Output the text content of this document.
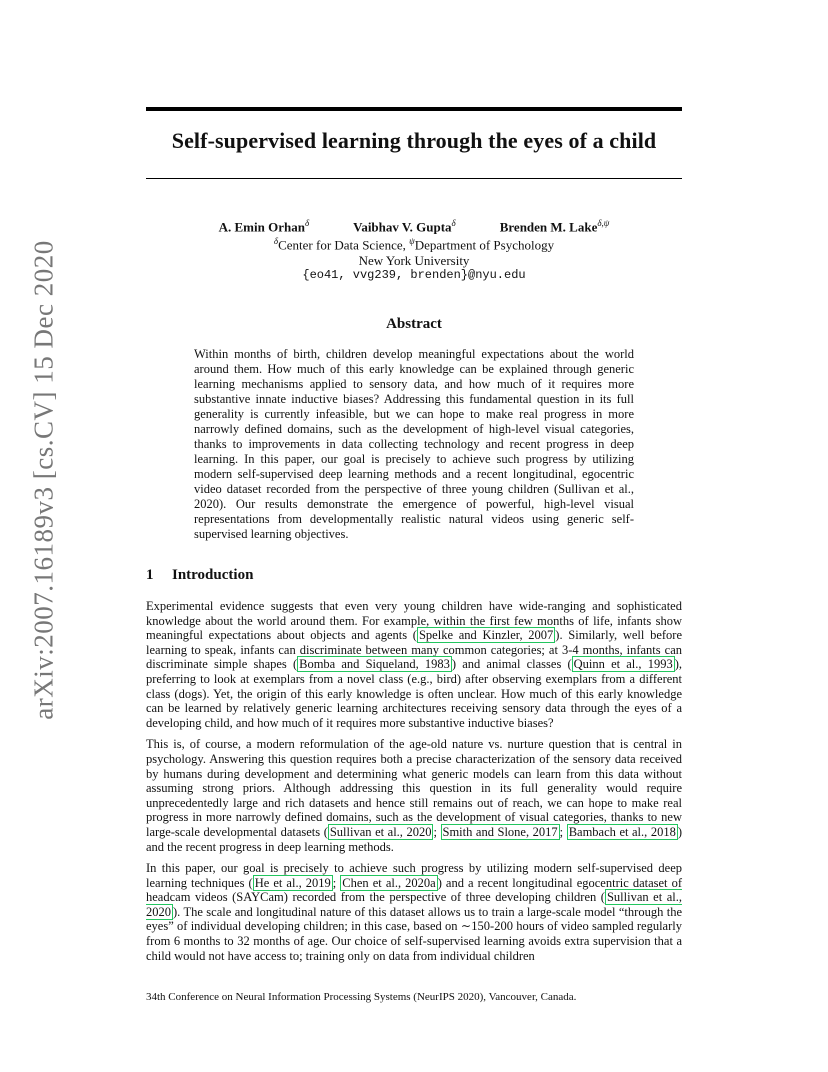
arXiv:2007.16189v3 [cs.CV] 15 Dec 2020
Self-supervised learning through the eyes of a child
A. Emin Orhan$^\delta$	Vaibhav V. Gupta$^\delta$	Brenden M. Lake$^{\delta,\psi}$
$^\delta$Center for Data Science, $^\psi$Department of Psychology
New York University
{eo41, vvg239, brenden}@nyu.edu
Abstract
Within months of birth, children develop meaningful expectations about the world around them. How much of this early knowledge can be explained through generic learning mechanisms applied to sensory data, and how much of it requires more substantive innate inductive biases? Addressing this fundamental question in its full generality is currently infeasible, but we can hope to make real progress in more narrowly defined domains, such as the development of high-level visual categories, thanks to improvements in data collecting technology and recent progress in deep learning. In this paper, our goal is precisely to achieve such progress by utilizing modern self-supervised deep learning methods and a recent longitudinal, egocentric video dataset recorded from the perspective of three young children (Sullivan et al., 2020). Our results demonstrate the emergence of powerful, high-level visual representations from developmentally realistic natural videos using generic self-supervised learning objectives.
1 Introduction

Experimental evidence suggests that even very young children have wide-ranging and sophisticated knowledge about the world around them. For example, within the first few months of life, infants show meaningful expectations about objects and agents ( Spelke and Kinzler, 2007 ). Similarly, well before learning to speak, infants can discriminate between many common categories; at 3-4 months, infants can discriminate simple shapes ( Bomba and Siqueland, 1983 ) and animal classes ( Quinn et al., 1993 ), preferring to look at exemplars from a novel class (e.g., bird) after observing exemplars from a different class (dogs). Yet, the origin of this early knowledge is often unclear. How much of this early knowledge can be learned by relatively generic learning architectures receiving sensory data through the eyes of a developing child, and how much of it requires more substantive inductive biases?

This is, of course, a modern reformulation of the age-old nature vs. nurture question that is central in psychology. Answering this question requires both a precise characterization of the sensory data received by humans during development and determining what generic models can learn from this data without assuming strong priors. Although addressing this question in its full generality would require unprecedentedly large and rich datasets and hence still remains out of reach, we can hope to make real progress in more narrowly defined domains, such as the development of visual categories, thanks to new large-scale developmental datasets ( Sullivan et al., 2020 ; Smith and Slone, 2017 ; Bambach et al., 2018 ) and the recent progress in deep learning methods.

In this paper, our goal is precisely to achieve such progress by utilizing modern self-supervised deep learning techniques ( He et al., 2019 ; Chen et al., 2020a ) and a recent longitudinal egocentric dataset of headcam videos (SAYCam) recorded from the perspective of three developing children ( Sullivan et al., 2020 ). The scale and longitudinal nature of this dataset allows us to train a large-scale model “through the eyes” of individual developing children; in this case, based on ∼150-200 hours of video sampled regularly from 6 months to 32 months of age. Our choice of self-supervised learning avoids extra supervision that a child would not have access to; training only on data from individual children

34th Conference on Neural Information Processing Systems (NeurIPS 2020), Vancouver, Canada.
